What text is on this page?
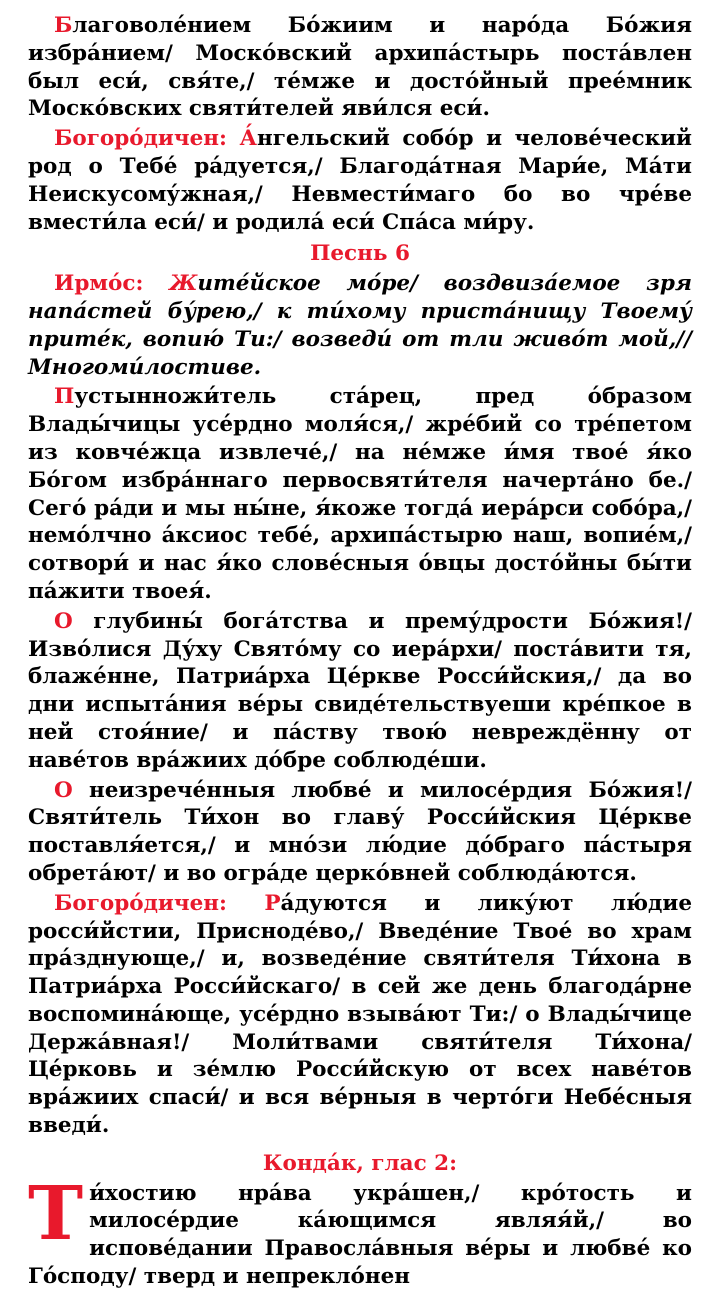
Благоволе́нием Бо́жиим и наро́да Бо́жия избра́нием/ Моско́вский архипа́стырь поста́влен был еси́, свя́те,/ те́мже и досто́йный прее́мник Моско́вских святи́телей яви́лся еси́.

Богоро́дичен: А́нгельский собо́р и челове́ческий род о Тебе́ ра́дуется,/ Благода́тная Мари́е, Ма́ти Неискусому́жная,/ Невмести́маго бо во чре́ве вмести́ла еси́/ и родила́ еси́ Спа́са ми́ру.

Песнь 6

Ирмо́с: Жите́йское мо́ре/ воздвиза́емое зря напа́стей бу́рею,/ к ти́хому приста́нищу Твоему́ прите́к, вопию́ Ти:/ возведи́ от тли живо́т мой,// Многоми́лостиве.

Пустынножи́тель ста́рец, пред о́бразом Влады́чицы усе́рдно моля́ся,/ жре́бий со тре́петом из ковче́жца извлече́,/ на не́мже и́мя твое́ я́ко Бо́гом избра́ннаго первосвяти́теля начерта́но бе./ Сего́ ра́ди и мы ны́не, я́коже тогда́ иера́рси собо́ра,/ немо́лчно а́ксиос тебе́, архипа́стырю наш, вопие́м,/ сотвори́ и нас я́ко слове́сныя о́вцы досто́йны бы́ти па́жити твоея́.

О глубины́ бога́тства и прему́дрости Бо́жия!/ Изво́лися Ду́ху Свято́му со иера́рхи/ поста́вити тя, блаже́нне, Патриа́рха Це́ркве Росси́йския,/ да во дни испыта́ния ве́ры свиде́тельствуеши кре́пкое в ней стоя́ние/ и па́ству твою́ невреждённу от наве́тов вра́жиих до́бре соблюде́ши.

О неизрече́нныя любве́ и милосе́рдия Бо́жия!/ Святи́тель Ти́хон во главу́ Росси́йския Це́ркве поставля́ется,/ и мно́зи лю́дие до́браго па́стыря обрета́ют/ и во огра́де церко́вней соблюда́ются.

Богоро́дичен: Ра́дуются и лику́ют лю́дие росси́йстии, Присноде́во,/ Введе́ние Твое́ во храм пра́зднующе,/ и, возведе́ние святи́теля Ти́хона в Патриа́рха Росси́йскаго/ в сей же день благода́рне воспомина́юще, усе́рдно взыва́ют Ти:/ о Влады́чице Держа́вная!/ Моли́твами святи́теля Ти́хона/ Це́рковь и зе́млю Росси́йскую от всех наве́тов вра́жиих спаси́/ и вся ве́рныя в черто́ги Небе́сныя введи́.

Конда́к, глас 2:

Ти́хостию нра́ва укра́шен,/ кро́тость и милосе́рдие ка́ющимся являя́й,/ во испове́дании Правосла́вныя ве́ры и любве́ ко Го́споду/ тверд и непрекло́нен
